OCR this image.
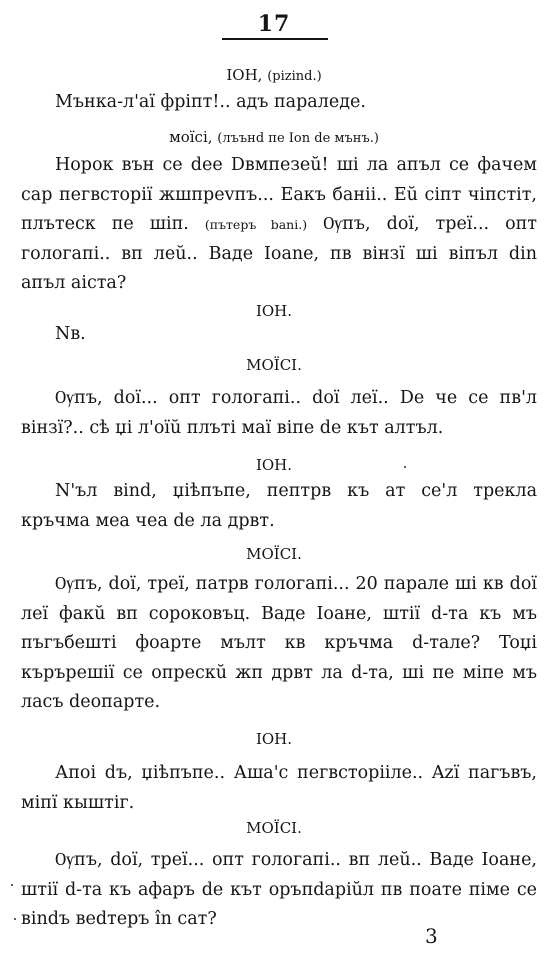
17
IOH, (pizind.)
Мънка-л'аї фріпт!.. адъ параледе.
моїсі, (лъънd пе Ion de мънъ.)
Норок вън се dee Dвмпезеŭ! ші ла апъл се фачем сар пегвсторії жшпреvпъ... Еакъ баніі.. Еŭ сіпт чіпстіт, плътеск пе шіп. (пътеръ bani.) Ѹпъ, doї, треї... опт гологапі.. вп леŭ.. Baде Ioane, пв вінзї ші віпъл din апъл аіста?
ІОН.
Nв.
МОЇСІ.
Ѹпъ, doї... опт гологапі.. doї леї.. De че се пв'л вінзї?.. сѣ џі л'оїŭ плъті маї віпе de кът алтъл.
ІОН.
N'ъл віnd, џіѣпъпе, пептрв къ ат се'л трекла кръчма меа чеа de ла дрвт.
МОЇСІ.
Ѹпъ, doї, треї, патрв гологапі... 20 парале ші кв doї леї факŭ вп сороковъц. Baде Ioане, штії d-та къ мъ пъгъбешті фоарте мълт кв кръчма d-тале? Toџі кърърешії се опрескŭ жп дрвт ла d-та, ші пе міпе мъ ласъ deопарте.
ІОН.
Апоі dъ, џіѣпъпе.. Аша'с пегвсторііле.. Azї пагъвъ, міпї кыштіг.
МОЇСІ.
Ѹпъ, doї, треї... опт гологапі.. вп леŭ.. Baде Ioане, штії d-та къ афаръ de кът оръпdаріŭл пв поате піме се віndъ веdтеръ în сат?
3
